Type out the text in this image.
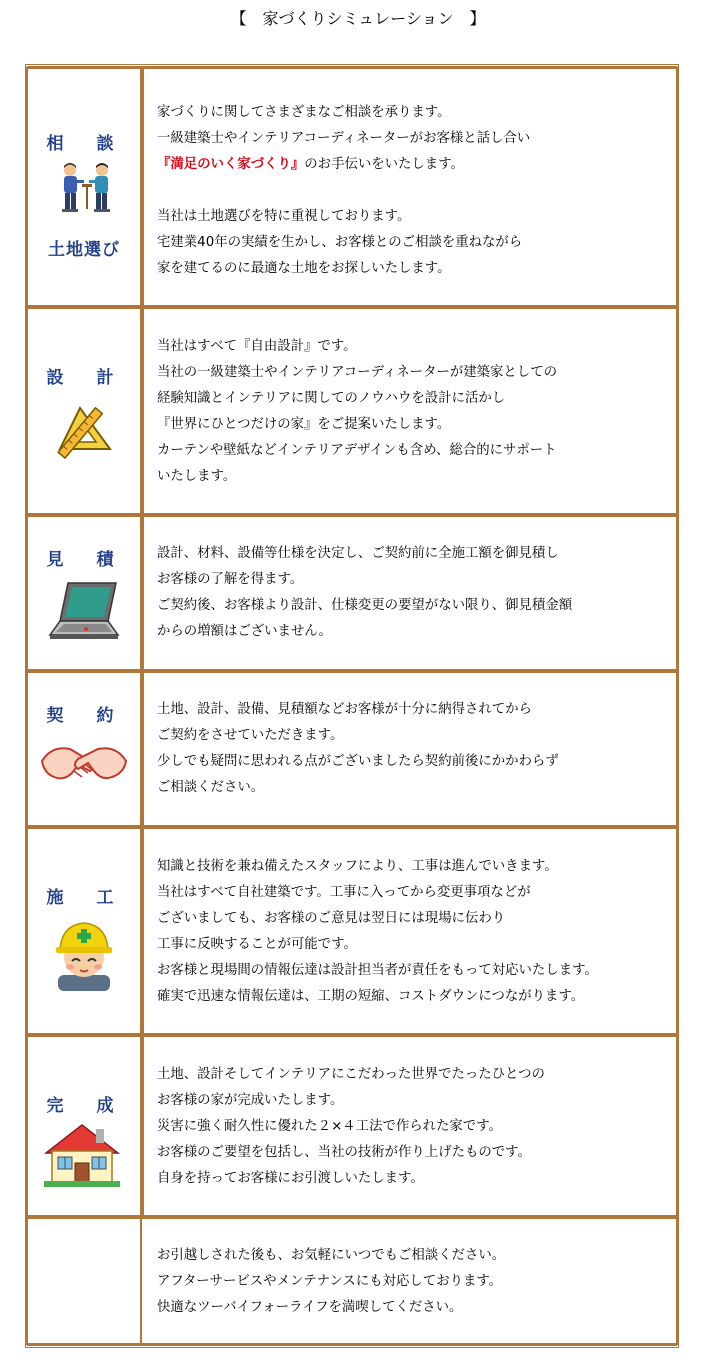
【　家づくりシミュレーション　】
相　談
土地選び
家づくりに関してさまざまなご相談を承ります。
一級建築士やインテリアコーディネーターがお客様と話し合い
『満足のいく家づくり』のお手伝いをいたします。

当社は土地選びを特に重視しております。
宅建業40年の実績を生かし、お客様とのご相談を重ねながら
家を建てるのに最適な土地をお探しいたします。
設　計
当社はすべて『自由設計』です。
当社の一級建築士やインテリアコーディネーターが建築家としての
経験知識とインテリアに関してのノウハウを設計に活かし
『世界にひとつだけの家』をご提案いたします。
カーテンや壁紙などインテリアデザインも含め、総合的にサポート
いたします。
見　積	設計、材料、設備等仕様を決定し、ご契約前に全施工額を御見積し
お客様の了解を得ます。
ご契約後、お客様より設計、仕様変更の要望がない限り、御見積金額
からの増額はございません。
契　約	土地、設計、設備、見積額などお客様が十分に納得されてから
ご契約をさせていただきます。
少しでも疑問に思われる点がございましたら契約前後にかかわらず
ご相談ください。
施　工
知識と技術を兼ね備えたスタッフにより、工事は進んでいきます。
当社はすべて自社建築です。工事に入ってから変更事項などが
ございましても、お客様のご意見は翌日には現場に伝わり
工事に反映することが可能です。
お客様と現場間の情報伝達は設計担当者が責任をもって対応いたします。
確実で迅速な情報伝達は、工期の短縮、コストダウンにつながります。
完　成
土地、設計そしてインテリアにこだわった世界でたったひとつの
お客様の家が完成いたします。
災害に強く耐久性に優れた２×４工法で作られた家です。
お客様のご要望を包括し、当社の技術が作り上げたものです。
自身を持ってお客様にお引渡しいたします。
お引越しされた後も、お気軽にいつでもご相談ください。
アフターサービスやメンテナンスにも対応しております。
快適なツーバイフォーライフを満喫してください。
